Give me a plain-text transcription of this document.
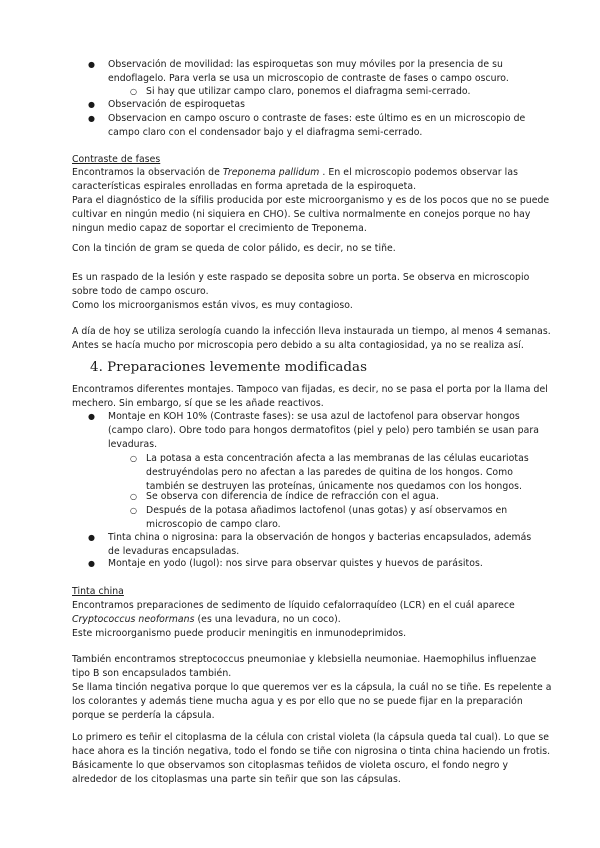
● Observación de movilidad: las espiroquetas son muy móviles por la presencia de su

endoflagelo. Para verla se usa un microscopio de contraste de fases o campo oscuro.

○ Si hay que utilizar campo claro, ponemos el diafragma semi-cerrado.

● Observación de espiroquetas

● Observacion en campo oscuro o contraste de fases: este último es en un microscopio de

campo claro con el condensador bajo y el diafragma semi-cerrado.

Contraste de fases

Encontramos la observación de Treponema pallidum . En el microscopio podemos observar las

características espirales enrolladas en forma apretada de la espiroqueta.

Para el diagnóstico de la sífilis producida por este microorganismo y es de los pocos que no se puede

cultivar en ningún medio (ni siquiera en CHO). Se cultiva normalmente en conejos porque no hay

ningun medio capaz de soportar el crecimiento de Treponema.

Con la tinción de gram se queda de color pálido, es decir, no se tiñe.

Es un raspado de la lesión y este raspado se deposita sobre un porta. Se observa en microscopio

sobre todo de campo oscuro.

Como los microorganismos están vivos, es muy contagioso.

A día de hoy se utiliza serología cuando la infección lleva instaurada un tiempo, al menos 4 semanas.

Antes se hacía mucho por microscopia pero debido a su alta contagiosidad, ya no se realiza así.

4. Preparaciones levemente modificadas

Encontramos diferentes montajes. Tampoco van fijadas, es decir, no se pasa el porta por la llama del

mechero. Sin embargo, sí que se les añade reactivos.

● Montaje en KOH 10% (Contraste fases): se usa azul de lactofenol para observar hongos

(campo claro). Obre todo para hongos dermatofitos (piel y pelo) pero también se usan para

levaduras.

○ La potasa a esta concentración afecta a las membranas de las células eucariotas

destruyéndolas pero no afectan a las paredes de quitina de los hongos. Como

también se destruyen las proteínas, únicamente nos quedamos con los hongos.

○ Se observa con diferencia de índice de refracción con el agua.

○ Después de la potasa añadimos lactofenol (unas gotas) y así observamos en

microscopio de campo claro.

● Tinta china o nigrosina: para la observación de hongos y bacterias encapsulados, además

de levaduras encapsuladas.

● Montaje en yodo (lugol): nos sirve para observar quistes y huevos de parásitos.

Tinta china

Encontramos preparaciones de sedimento de líquido cefalorraquídeo (LCR) en el cuál aparece

Cryptococcus neoformans (es una levadura, no un coco).

Este microorganismo puede producir meningitis en inmunodeprimidos.

También encontramos streptococcus pneumoniae y klebsiella neumoniae. Haemophilus influenzae

tipo B son encapsulados también.

Se llama tinción negativa porque lo que queremos ver es la cápsula, la cuál no se tiñe. Es repelente a

los colorantes y además tiene mucha agua y es por ello que no se puede fijar en la preparación

porque se perdería la cápsula.

Lo primero es teñir el citoplasma de la célula con cristal violeta (la cápsula queda tal cual). Lo que se

hace ahora es la tinción negativa, todo el fondo se tiñe con nigrosina o tinta china haciendo un frotis.

Básicamente lo que observamos son citoplasmas teñidos de violeta oscuro, el fondo negro y

alrededor de los citoplasmas una parte sin teñir que son las cápsulas.
